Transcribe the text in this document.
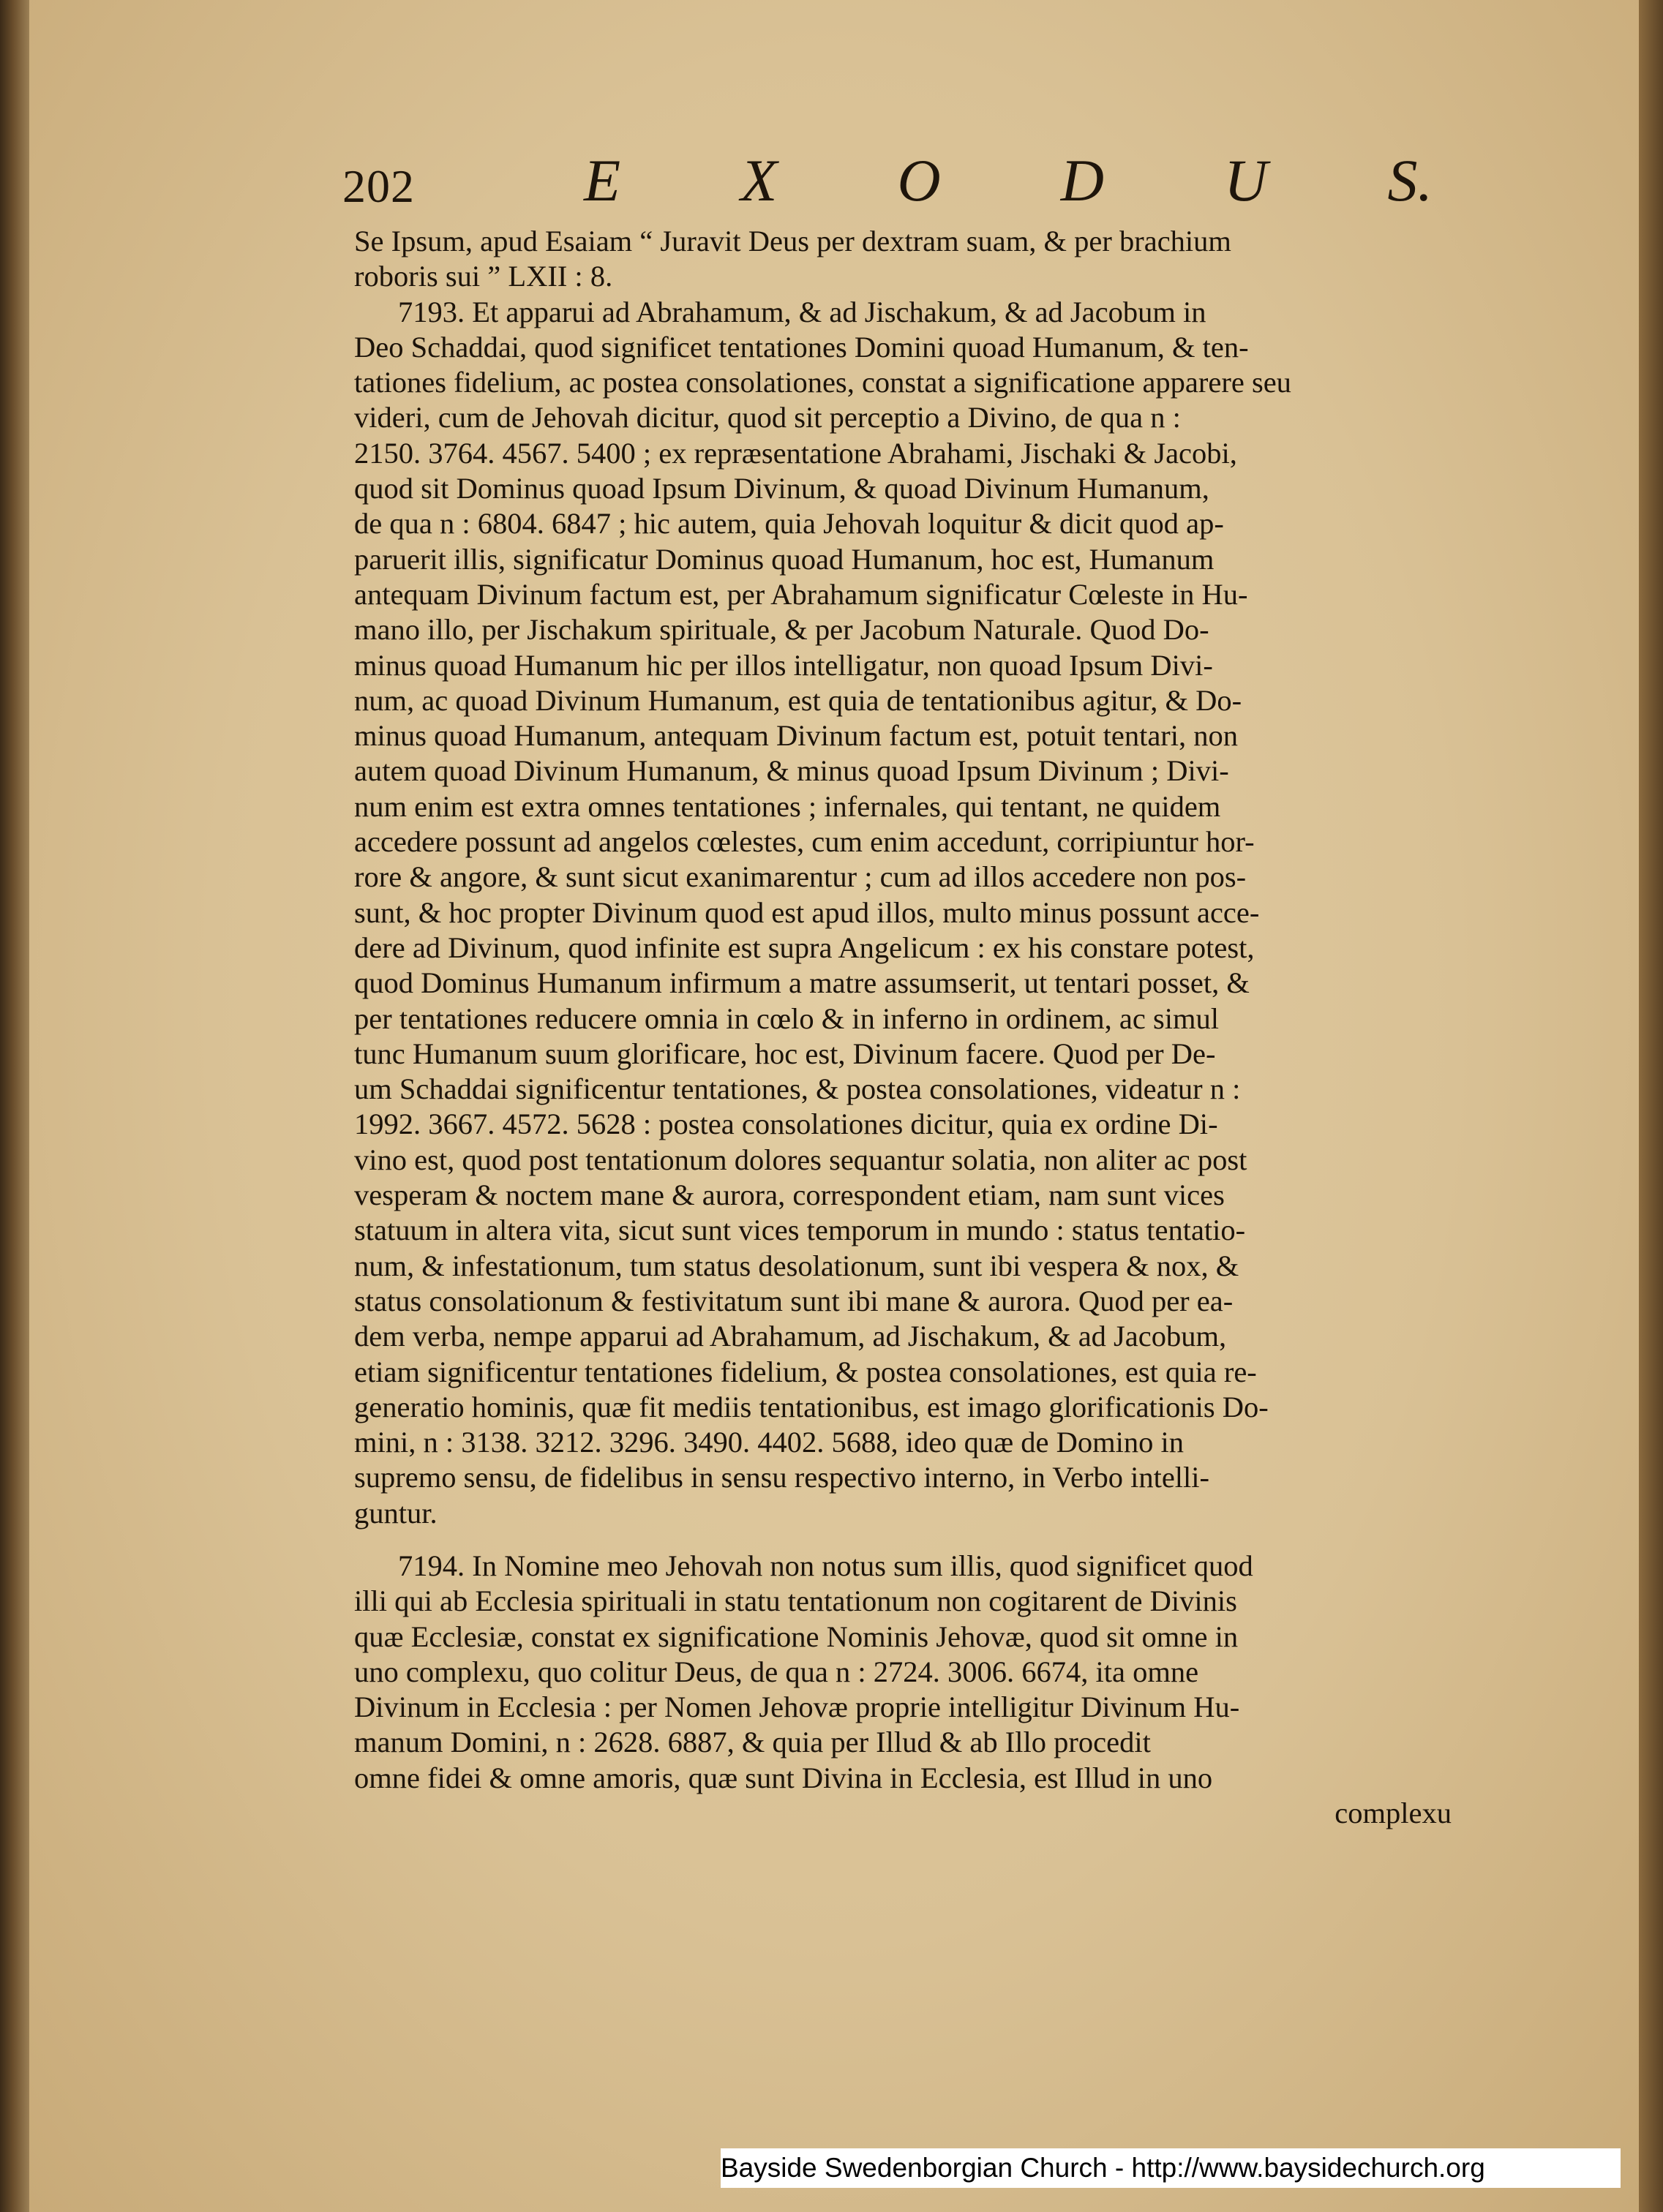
202	E X O D U S.
Se Ipsum, apud Esaiam “ Juravit Deus per dextram suam, & per brachium
roboris sui ” LXII : 8.
7193. Et apparui ad Abrahamum, & ad Jischakum, & ad Jacobum in
Deo Schaddai, quod significet tentationes Domini quoad Humanum, & ten-
tationes fidelium, ac postea consolationes, constat a significatione apparere seu
videri, cum de Jehovah dicitur, quod sit perceptio a Divino, de qua n :
2150. 3764. 4567. 5400 ; ex repræsentatione Abrahami, Jischaki & Jacobi,
quod sit Dominus quoad Ipsum Divinum, & quoad Divinum Humanum,
de qua n : 6804. 6847 ; hic autem, quia Jehovah loquitur & dicit quod ap-
paruerit illis, significatur Dominus quoad Humanum, hoc est, Humanum
antequam Divinum factum est, per Abrahamum significatur Cœleste in Hu-
mano illo, per Jischakum spirituale, & per Jacobum Naturale. Quod Do-
minus quoad Humanum hic per illos intelligatur, non quoad Ipsum Divi-
num, ac quoad Divinum Humanum, est quia de tentationibus agitur, & Do-
minus quoad Humanum, antequam Divinum factum est, potuit tentari, non
autem quoad Divinum Humanum, & minus quoad Ipsum Divinum ; Divi-
num enim est extra omnes tentationes ; infernales, qui tentant, ne quidem
accedere possunt ad angelos cœlestes, cum enim accedunt, corripiuntur hor-
rore & angore, & sunt sicut exanimarentur ; cum ad illos accedere non pos-
sunt, & hoc propter Divinum quod est apud illos, multo minus possunt acce-
dere ad Divinum, quod infinite est supra Angelicum : ex his constare potest,
quod Dominus Humanum infirmum a matre assumserit, ut tentari posset, &
per tentationes reducere omnia in cœlo & in inferno in ordinem, ac simul
tunc Humanum suum glorificare, hoc est, Divinum facere. Quod per De-
um Schaddai significentur tentationes, & postea consolationes, videatur n :
1992. 3667. 4572. 5628 : postea consolationes dicitur, quia ex ordine Di-
vino est, quod post tentationum dolores sequantur solatia, non aliter ac post
vesperam & noctem mane & aurora, correspondent etiam, nam sunt vices
statuum in altera vita, sicut sunt vices temporum in mundo : status tentatio-
num, & infestationum, tum status desolationum, sunt ibi vespera & nox, &
status consolationum & festivitatum sunt ibi mane & aurora. Quod per ea-
dem verba, nempe apparui ad Abrahamum, ad Jischakum, & ad Jacobum,
etiam significentur tentationes fidelium, & postea consolationes, est quia re-
generatio hominis, quæ fit mediis tentationibus, est imago glorificationis Do-
mini, n : 3138. 3212. 3296. 3490. 4402. 5688, ideo quæ de Domino in
supremo sensu, de fidelibus in sensu respectivo interno, in Verbo intelli-
guntur.
7194. In Nomine meo Jehovah non notus sum illis, quod significet quod
illi qui ab Ecclesia spirituali in statu tentationum non cogitarent de Divinis
quæ Ecclesiæ, constat ex significatione Nominis Jehovæ, quod sit omne in
uno complexu, quo colitur Deus, de qua n : 2724. 3006. 6674, ita omne
Divinum in Ecclesia : per Nomen Jehovæ proprie intelligitur Divinum Hu-
manum Domini, n : 2628. 6887, & quia per Illud & ab Illo procedit
omne fidei & omne amoris, quæ sunt Divina in Ecclesia, est Illud in uno
complexu
Bayside Swedenborgian Church - http://www.baysidechurch.org
